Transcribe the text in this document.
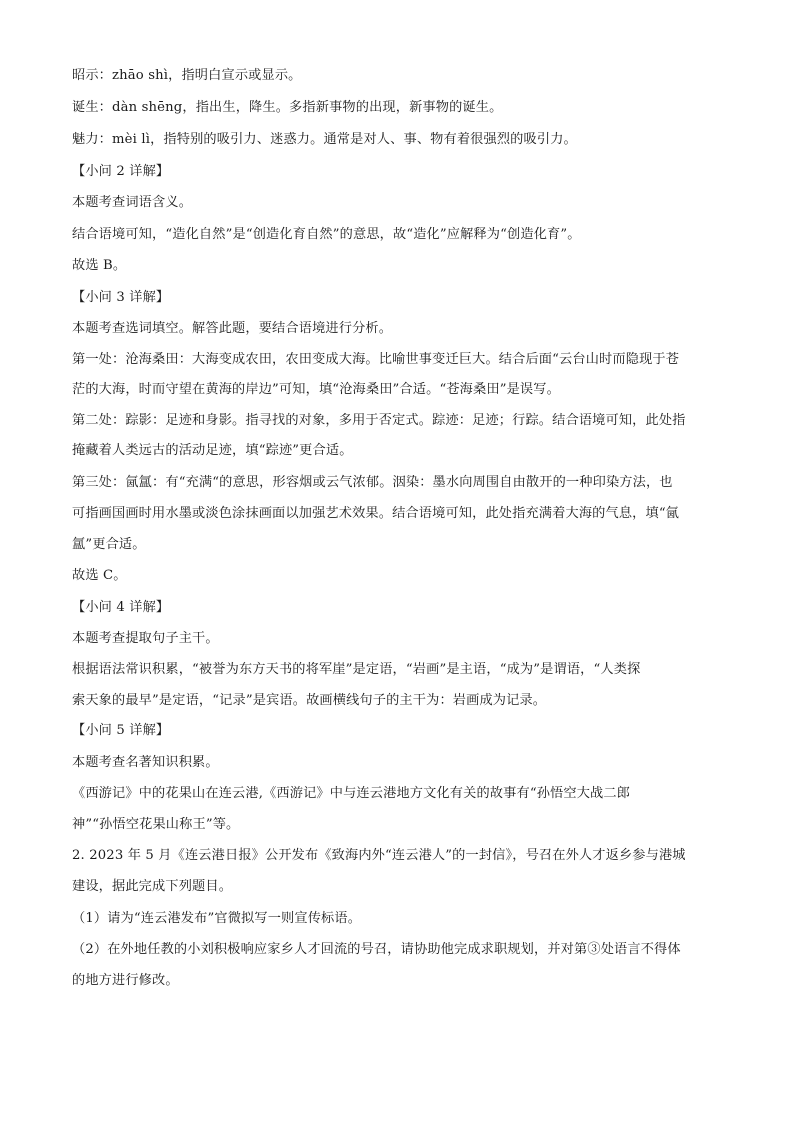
昭示：zhāo shì，指明白宣示或显示。
诞生：dàn shēng，指出生，降生。多指新事物的出现，新事物的诞生。
魅力：mèi lì，指特别的吸引力、迷惑力。通常是对人、事、物有着很强烈的吸引力。
【小问 2 详解】
本题考查词语含义。
结合语境可知，“造化自然”是“创造化育自然”的意思，故“造化”应解释为“创造化育”。
故选 B。
【小问 3 详解】
本题考查选词填空。解答此题，要结合语境进行分析。
第一处：沧海桑田：大海变成农田，农田变成大海。比喻世事变迁巨大。结合后面“云台山时而隐现于苍
茫的大海，时而守望在黄海的岸边”可知，填“沧海桑田”合适。“苍海桑田”是误写。
第二处：踪影：足迹和身影。指寻找的对象，多用于否定式。踪迹：足迹；行踪。结合语境可知，此处指
掩藏着人类远古的活动足迹，填“踪迹”更合适。
第三处：氤氲：有“充满“的意思，形容烟或云气浓郁。洇染：墨水向周围自由散开的一种印染方法，也
可指画国画时用水墨或淡色涂抹画面以加强艺术效果。结合语境可知，此处指充满着大海的气息，填“氤
氲”更合适。
故选 C。
【小问 4 详解】
本题考查提取句子主干。
根据语法常识积累，“被誉为东方天书的将军崖”是定语，“岩画”是主语，“成为”是谓语，“人类探
索天象的最早”是定语，“记录”是宾语。故画横线句子的主干为：岩画成为记录。
【小问 5 详解】
本题考查名著知识积累。
《西游记》中的花果山在连云港,《西游记》中与连云港地方文化有关的故事有“孙悟空大战二郎
神”“孙悟空花果山称王”等。
2. 2023 年 5 月《连云港日报》公开发布《致海内外“连云港人”的一封信》，号召在外人才返乡参与港城
建设，据此完成下列题目。
（1）请为“连云港发布”官微拟写一则宣传标语。
（2）在外地任教的小刘积极响应家乡人才回流的号召，请协助他完成求职规划，并对第③处语言不得体
的地方进行修改。
